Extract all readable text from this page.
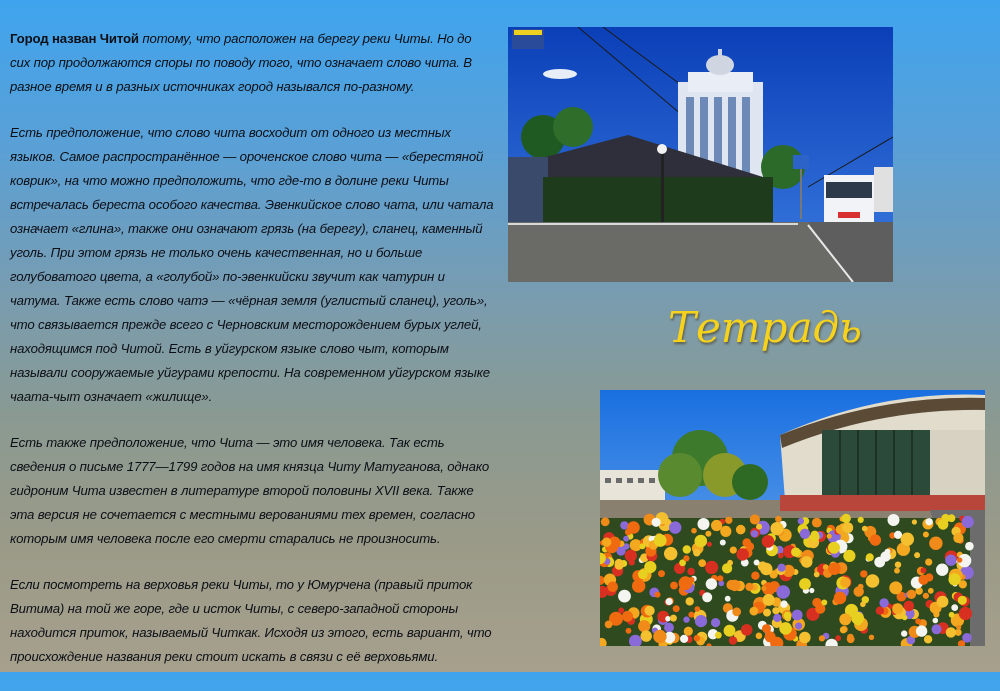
Город назван Читой потому, что расположен на берегу реки Читы. Но до сих пор продолжаются споры по поводу того, что означает слово чита. В разное время и в разных источниках город назывался по-разному.

Есть предположение, что слово чита восходит от одного из местных языков. Самое распространённое — ороченское слово чита — «берестяной коврик», на что можно предположить, что где-то в долине реки Читы встречалась береста особого качества. Эвенкийское слово чата, или чатала означает «глина», также они означают грязь (на берегу), сланец, каменный уголь. При этом грязь не только очень качественная, но и больше голубоватого цвета, а «голубой» по-эвенкийски звучит как чатурин и чатума. Также есть слово чатэ — «чёрная земля (углистый сланец), уголь», что связывается прежде всего с Черновским месторождением бурых углей, находящимся под Читой. Есть в уйгурском языке слово чыт, которым называли сооружаемые уйгурами крепости. На современном уйгурском языке чаата-чыт означает «жилище».

Есть также предположение, что Чита — это имя человека. Так есть сведения о письме 1777—1799 годов на имя князца Читу Матуганова, однако гидроним Чита известен в литературе второй половины XVII века. Также эта версия не сочетается с местными верованиями тех времен, согласно которым имя человека после его смерти старались не произносить.

Если посмотреть на верховья реки Читы, то у Юмурчена (правый приток Витима) на той же горе, где и исток Читы, с северо-западной стороны находится приток, называемый Читкак. Исходя из этого, есть вариант, что происхождение названия реки стоит искать в связи с её верховьями.

Тетрадь
